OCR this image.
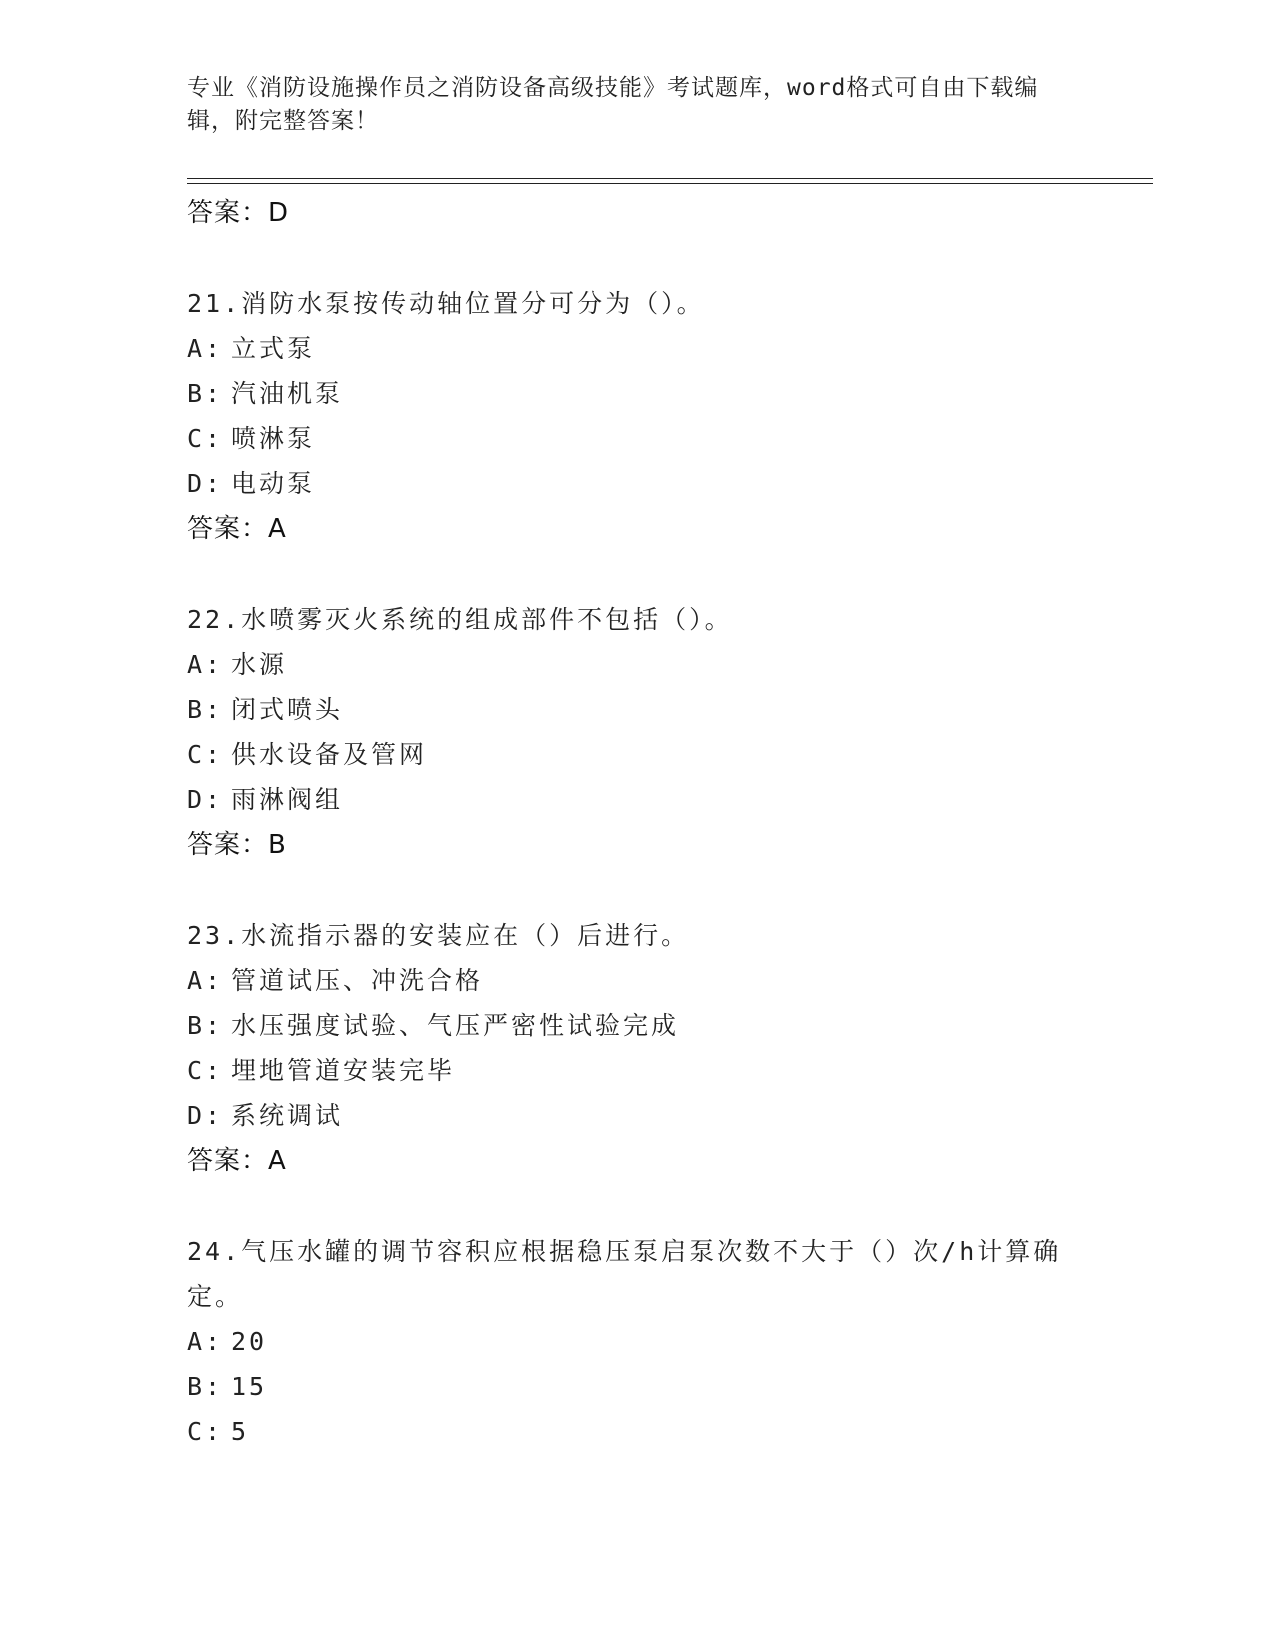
专业《消防设施操作员之消防设备高级技能》考试题库，word格式可自由下载编辑，附完整答案！
答案：D
21.消防水泵按传动轴位置分可分为（）。
A: 立式泵
B: 汽油机泵
C: 喷淋泵
D: 电动泵
答案：A
22.水喷雾灭火系统的组成部件不包括（）。
A: 水源
B: 闭式喷头
C: 供水设备及管网
D: 雨淋阀组
答案：B
23.水流指示器的安装应在（）后进行。
A: 管道试压、冲洗合格
B: 水压强度试验、气压严密性试验完成
C: 埋地管道安装完毕
D: 系统调试
答案：A
24.气压水罐的调节容积应根据稳压泵启泵次数不大于（）次/h计算确定。
A: 20
B: 15
C: 5
